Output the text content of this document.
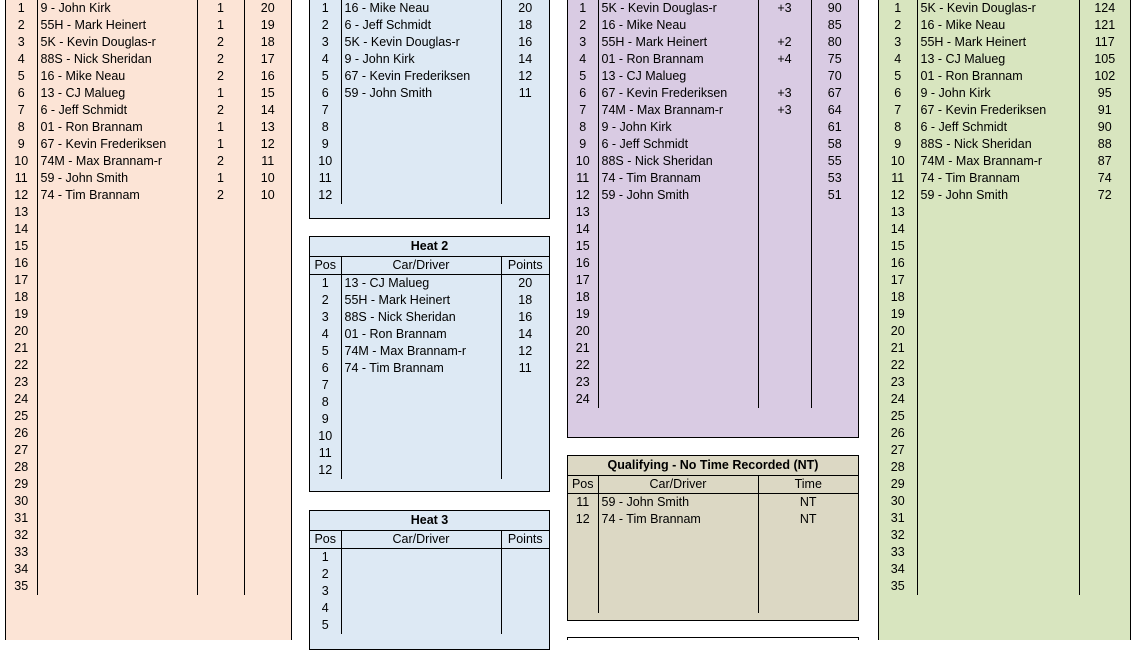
1	9 - John Kirk	1	20
2	55H - Mark Heinert	1	19
3	5K - Kevin Douglas-r	2	18
4	88S - Nick Sheridan	2	17
5	16 - Mike Neau	2	16
6	13 - CJ Malueg	1	15
7	6 - Jeff Schmidt	2	14
8	01 - Ron Brannam	1	13
9	67 - Kevin Frederiksen	1	12
10	74M - Max Brannam-r	2	11
11	59 - John Smith	1	10
12	74 - Tim Brannam	2	10
13			
14			
15			
16			
17			
18			
19			
20			
21			
22			
23			
24			
25			
26			
27			
28			
29			
30			
31			
32			
33			
34			
35			
1	16 - Mike Neau	20
2	6 - Jeff Schmidt	18
3	5K - Kevin Douglas-r	16
4	9 - John Kirk	14
5	67 - Kevin Frederiksen	12
6	59 - John Smith	11
7		
8		
9		
10		
11		
12		
Heat 2
Pos	Car/Driver	Points
1	13 - CJ Malueg	20
2	55H - Mark Heinert	18
3	88S - Nick Sheridan	16
4	01 - Ron Brannam	14
5	74M - Max Brannam-r	12
6	74 - Tim Brannam	11
7		
8		
9		
10		
11		
12		
Heat 3
Pos	Car/Driver	Points
1		
2		
3		
4		
5		
1	5K - Kevin Douglas-r	+3	90
2	16 - Mike Neau		85
3	55H - Mark Heinert	+2	80
4	01 - Ron Brannam	+4	75
5	13 - CJ Malueg		70
6	67 - Kevin Frederiksen	+3	67
7	74M - Max Brannam-r	+3	64
8	9 - John Kirk		61
9	6 - Jeff Schmidt		58
10	88S - Nick Sheridan		55
11	74 - Tim Brannam		53
12	59 - John Smith		51
13			
14			
15			
16			
17			
18			
19			
20			
21			
22			
23			
24			
Qualifying - No Time Recorded (NT)
Pos	Car/Driver	Time
11	59 - John Smith	NT
12	74 - Tim Brannam	NT

1	5K - Kevin Douglas-r	124
2	16 - Mike Neau	121
3	55H - Mark Heinert	117
4	13 - CJ Malueg	105
5	01 - Ron Brannam	102
6	9 - John Kirk	95
7	67 - Kevin Frederiksen	91
8	6 - Jeff Schmidt	90
9	88S - Nick Sheridan	88
10	74M - Max Brannam-r	87
11	74 - Tim Brannam	74
12	59 - John Smith	72
13		
14		
15		
16		
17		
18		
19		
20		
21		
22		
23		
24		
25		
26		
27		
28		
29		
30		
31		
32		
33		
34		
35		
